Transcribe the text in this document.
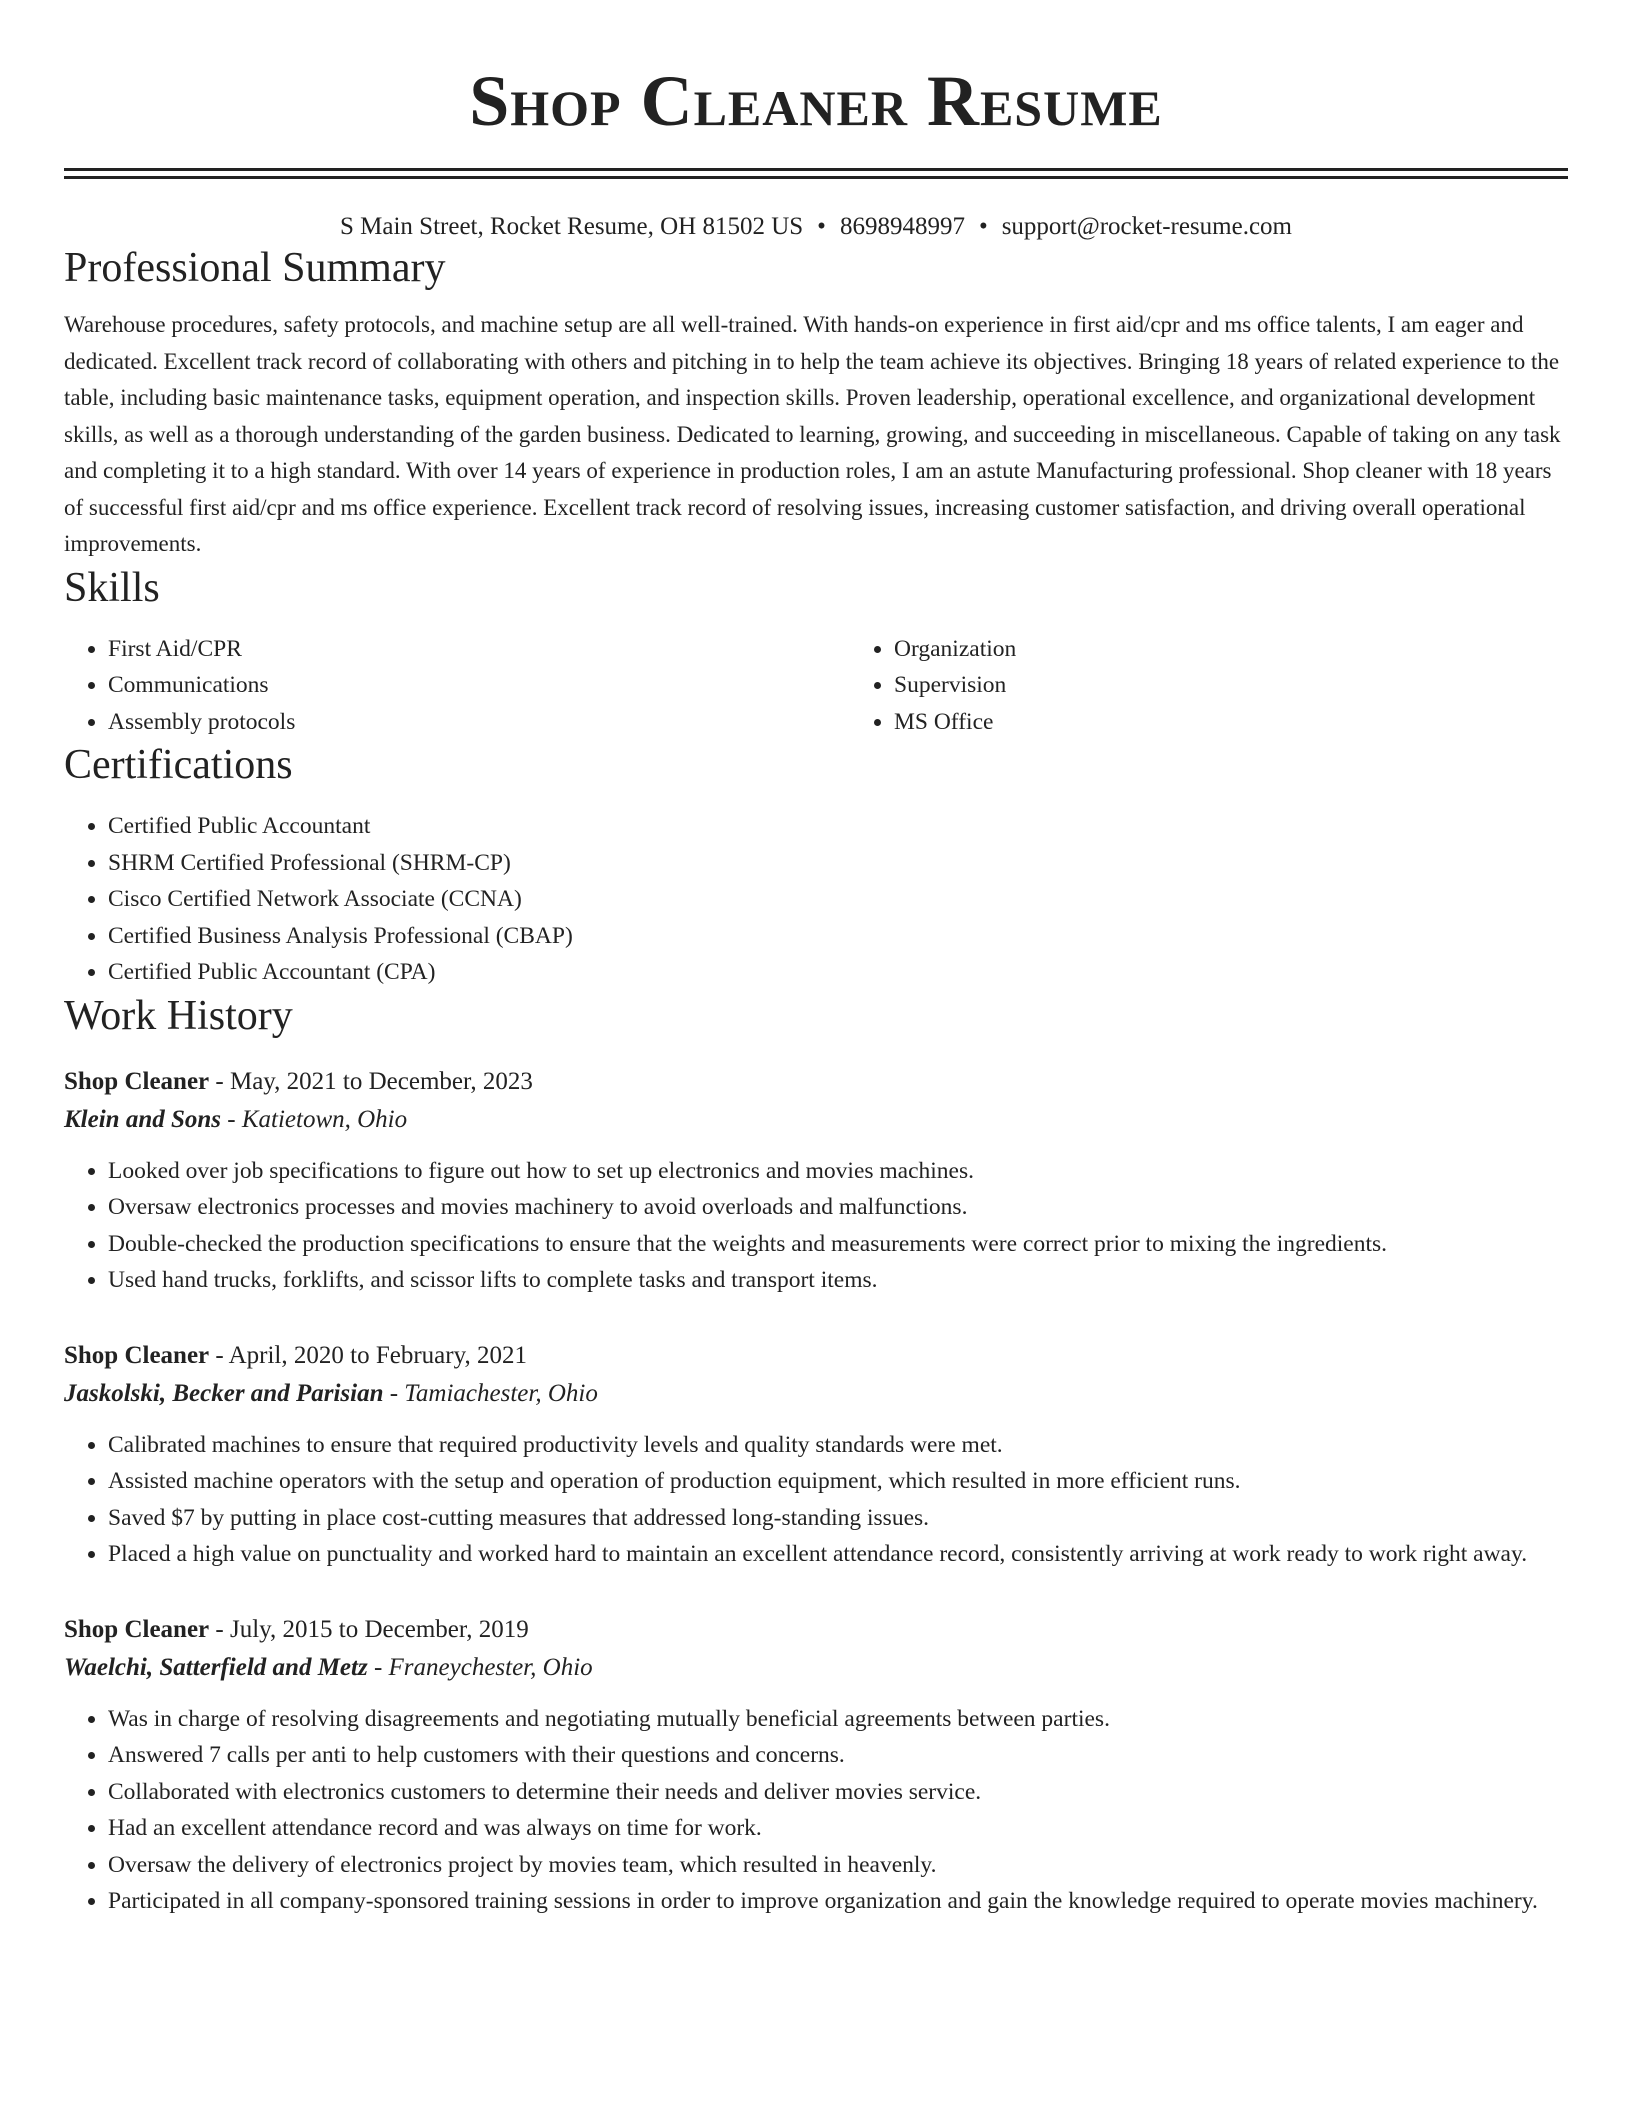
Shop Cleaner Resume
S Main Street, Rocket Resume, OH 81502 US • 8698948997 • support@rocket-resume.com
Professional Summary

Warehouse procedures, safety protocols, and machine setup are all well-trained. With hands-on experience in first aid/cpr and ms office talents, I am eager and dedicated. Excellent track record of collaborating with others and pitching in to help the team achieve its objectives. Bringing 18 years of related experience to the table, including basic maintenance tasks, equipment operation, and inspection skills. Proven leadership, operational excellence, and organizational development skills, as well as a thorough understanding of the garden business. Dedicated to learning, growing, and succeeding in miscellaneous. Capable of taking on any task and completing it to a high standard. With over 14 years of experience in production roles, I am an astute Manufacturing professional. Shop cleaner with 18 years of successful first aid/cpr and ms office experience. Excellent track record of resolving issues, increasing customer satisfaction, and driving overall operational improvements.

Skills
• First Aid/CPR
• Communications
• Assembly protocols
• Organization
• Supervision
• MS Office
Certifications
• Certified Public Accountant
• SHRM Certified Professional (SHRM-CP)
• Cisco Certified Network Associate (CCNA)
• Certified Business Analysis Professional (CBAP)
• Certified Public Accountant (CPA)
Work History
Shop Cleaner - May, 2021 to December, 2023
Klein and Sons - Katietown, Ohio
• Looked over job specifications to figure out how to set up electronics and movies machines.
• Oversaw electronics processes and movies machinery to avoid overloads and malfunctions.
• Double-checked the production specifications to ensure that the weights and measurements were correct prior to mixing the ingredients.
• Used hand trucks, forklifts, and scissor lifts to complete tasks and transport items.
Shop Cleaner - April, 2020 to February, 2021
Jaskolski, Becker and Parisian - Tamiachester, Ohio
• Calibrated machines to ensure that required productivity levels and quality standards were met.
• Assisted machine operators with the setup and operation of production equipment, which resulted in more efficient runs.
• Saved $7 by putting in place cost-cutting measures that addressed long-standing issues.
• Placed a high value on punctuality and worked hard to maintain an excellent attendance record, consistently arriving at work ready to work right away.
Shop Cleaner - July, 2015 to December, 2019
Waelchi, Satterfield and Metz - Franeychester, Ohio
• Was in charge of resolving disagreements and negotiating mutually beneficial agreements between parties.
• Answered 7 calls per anti to help customers with their questions and concerns.
• Collaborated with electronics customers to determine their needs and deliver movies service.
• Had an excellent attendance record and was always on time for work.
• Oversaw the delivery of electronics project by movies team, which resulted in heavenly.
• Participated in all company-sponsored training sessions in order to improve organization and gain the knowledge required to operate movies machinery.
